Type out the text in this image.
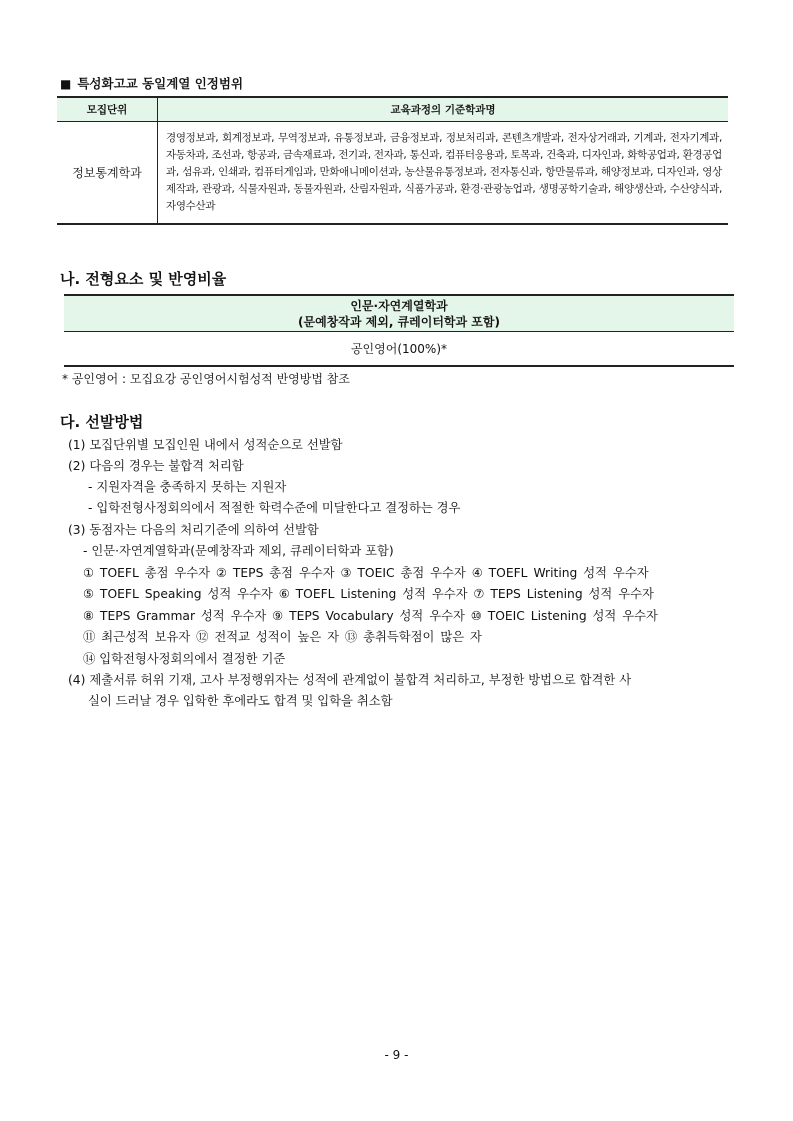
■ 특성화고교 동일계열 인정범위
모집단위	교육과정의 기준학과명
정보통계학과	경영정보과, 회계정보과, 무역정보과, 유통정보과, 금융정보과, 정보처리과, 콘텐츠개발과, 전자상거래과, 기계과, 전자기계과, 자동차과, 조선과, 항공과, 금속재료과, 전기과, 전자과, 통신과, 컴퓨터응용과, 토목과, 건축과, 디자인과, 화학공업과, 환경공업과, 섬유과, 인쇄과, 컴퓨터게임과, 만화애니메이션과, 농산물유통정보과, 전자통신과, 항만물류과, 해양정보과, 디자인과, 영상제작과, 관광과, 식물자원과, 동물자원과, 산림자원과, 식품가공과, 환경·관광농업과, 생명공학기술과, 해양생산과, 수산양식과, 자영수산과
나. 전형요소 및 반영비율
인문·자연계열학과
(문예창작과 제외, 큐레이터학과 포함)

공인영어(100%)*
* 공인영어 : 모집요강 공인영어시험성적 반영방법 참조
다. 선발방법
(1) 모집단위별 모집인원 내에서 성적순으로 선발함
(2) 다음의 경우는 불합격 처리함
- 지원자격을 충족하지 못하는 지원자
- 입학전형사정회의에서 적절한 학력수준에 미달한다고 결정하는 경우
(3) 동점자는 다음의 처리기준에 의하여 선발함
- 인문·자연계열학과(문예창작과 제외, 큐레이터학과 포함)
① TOEFL 총점 우수자 ② TEPS 총점 우수자 ③ TOEIC 총점 우수자 ④ TOEFL Writing 성적 우수자
⑤ TOEFL Speaking 성적 우수자 ⑥ TOEFL Listening 성적 우수자 ⑦ TEPS Listening 성적 우수자
⑧ TEPS Grammar 성적 우수자 ⑨ TEPS Vocabulary 성적 우수자 ⑩ TOEIC Listening 성적 우수자
⑪ 최근성적 보유자 ⑫ 전적교 성적이 높은 자 ⑬ 총취득학점이 많은 자
⑭ 입학전형사정회의에서 결정한 기준
(4) 제출서류 허위 기재, 고사 부정행위자는 성적에 관계없이 불합격 처리하고, 부정한 방법으로 합격한 사
실이 드러날 경우 입학한 후에라도 합격 및 입학을 취소함
- 9 -
